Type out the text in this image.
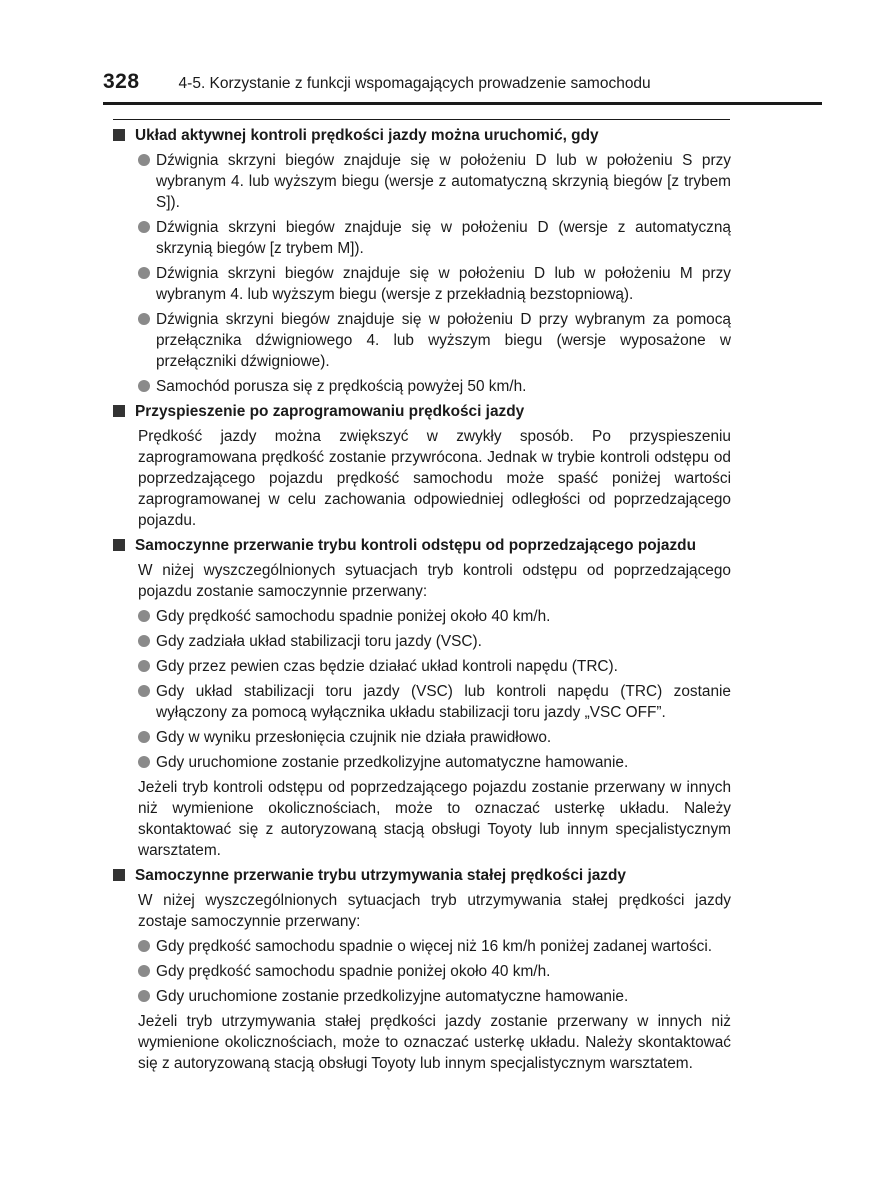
328	4-5. Korzystanie z funkcji wspomagających prowadzenie samochodu
Układ aktywnej kontroli prędkości jazdy można uruchomić, gdy
Dźwignia skrzyni biegów znajduje się w położeniu D lub w położeniu S przy wybranym 4. lub wyższym biegu (wersje z automatyczną skrzynią biegów [z trybem S]).
Dźwignia skrzyni biegów znajduje się w położeniu D (wersje z automatyczną skrzynią biegów [z trybem M]).
Dźwignia skrzyni biegów znajduje się w położeniu D lub w położeniu M przy wybranym 4. lub wyższym biegu (wersje z przekładnią bezstopniową).
Dźwignia skrzyni biegów znajduje się w położeniu D przy wybranym za pomocą przełącznika dźwigniowego 4. lub wyższym biegu (wersje wyposażone w przełączniki dźwigniowe).
Samochód porusza się z prędkością powyżej 50 km/h.
Przyspieszenie po zaprogramowaniu prędkości jazdy

Prędkość jazdy można zwiększyć w zwykły sposób. Po przyspieszeniu zaprogramowana prędkość zostanie przywrócona. Jednak w trybie kontroli odstępu od poprzedzającego pojazdu prędkość samochodu może spaść poniżej wartości zaprogramowanej w celu zachowania odpowiedniej odległości od poprzedzającego pojazdu.

Samoczynne przerwanie trybu kontroli odstępu od poprzedzającego pojazdu

W niżej wyszczególnionych sytuacjach tryb kontroli odstępu od poprzedzającego pojazdu zostanie samoczynnie przerwany:

Gdy prędkość samochodu spadnie poniżej około 40 km/h.
Gdy zadziała układ stabilizacji toru jazdy (VSC).
Gdy przez pewien czas będzie działać układ kontroli napędu (TRC).
Gdy układ stabilizacji toru jazdy (VSC) lub kontroli napędu (TRC) zostanie wyłączony za pomocą wyłącznika układu stabilizacji toru jazdy „VSC OFF”.
Gdy w wyniku przesłonięcia czujnik nie działa prawidłowo.
Gdy uruchomione zostanie przedkolizyjne automatyczne hamowanie.

Jeżeli tryb kontroli odstępu od poprzedzającego pojazdu zostanie przerwany w innych niż wymienione okolicznościach, może to oznaczać usterkę układu. Należy skontaktować się z autoryzowaną stacją obsługi Toyoty lub innym specjalistycznym warsztatem.

Samoczynne przerwanie trybu utrzymywania stałej prędkości jazdy

W niżej wyszczególnionych sytuacjach tryb utrzymywania stałej prędkości jazdy zostaje samoczynnie przerwany:

Gdy prędkość samochodu spadnie o więcej niż 16 km/h poniżej zadanej wartości.
Gdy prędkość samochodu spadnie poniżej około 40 km/h.
Gdy uruchomione zostanie przedkolizyjne automatyczne hamowanie.

Jeżeli tryb utrzymywania stałej prędkości jazdy zostanie przerwany w innych niż wymienione okolicznościach, może to oznaczać usterkę układu. Należy skontaktować się z autoryzowaną stacją obsługi Toyoty lub innym specjalistycznym warsztatem.
